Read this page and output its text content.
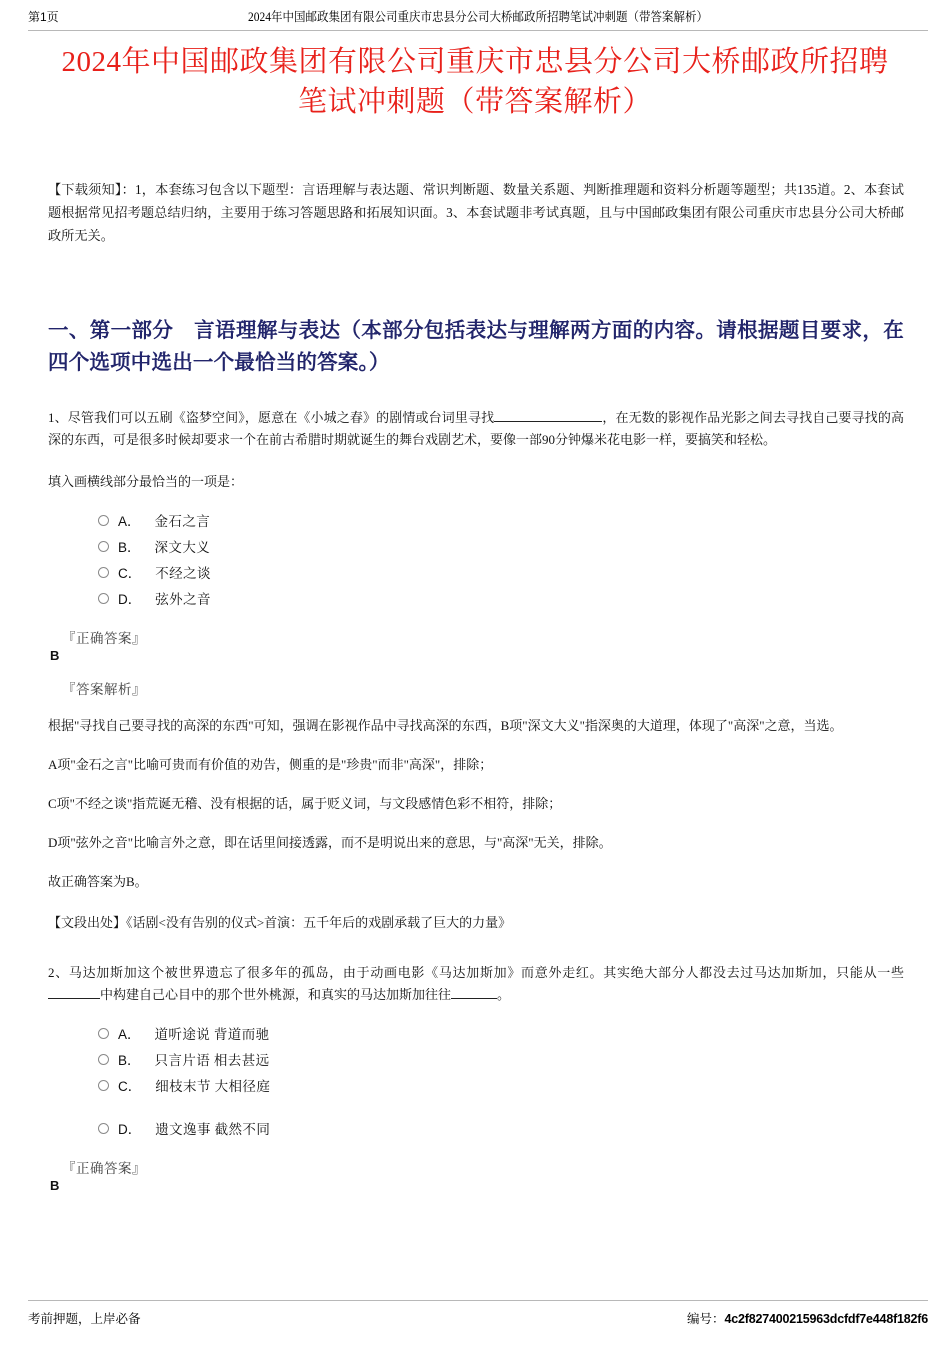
第1页	2024年中国邮政集团有限公司重庆市忠县分公司大桥邮政所招聘笔试冲刺题（带答案解析）
2024年中国邮政集团有限公司重庆市忠县分公司大桥邮政所招聘笔试冲刺题（带答案解析）

【下载须知】：1，本套练习包含以下题型：言语理解与表达题、常识判断题、数量关系题、判断推理题和资料分析题等题型；共135道。2、本套试题根据常见招考题总结归纳，主要用于练习答题思路和拓展知识面。3、本套试题非考试真题，且与中国邮政集团有限公司重庆市忠县分公司大桥邮政所无关。

一、第一部分　言语理解与表达（本部分包括表达与理解两方面的内容。请根据题目要求，在四个选项中选出一个最恰当的答案。）

1、尽管我们可以五刷《盗梦空间》，愿意在《小城之春》的剧情或台词里寻找	，在无数的影视作品光影之间去寻找自己要寻找的高深的东西，可是很多时候却要求一个在前古希腊时期就诞生的舞台戏剧艺术，要像一部90分钟爆米花电影一样，要搞笑和轻松。

填入画横线部分最恰当的一项是：

A． 金石之言
B． 深文大义
C． 不经之谈
D． 弦外之音

『正确答案』

B

『答案解析』

根据"寻找自己要寻找的高深的东西"可知，强调在影视作品中寻找高深的东西，B项"深文大义"指深奥的大道理，体现了"高深"之意，当选。

A项"金石之言"比喻可贵而有价值的劝告，侧重的是"珍贵"而非"高深"，排除；

C项"不经之谈"指荒诞无稽、没有根据的话，属于贬义词，与文段感情色彩不相符，排除；

D项"弦外之音"比喻言外之意，即在话里间接透露，而不是明说出来的意思，与"高深"无关，排除。

故正确答案为B。

【文段出处】《话剧<没有告别的仪式>首演：五千年后的戏剧承载了巨大的力量》

2、马达加斯加这个被世界遗忘了很多年的孤岛，由于动画电影《马达加斯加》而意外走红。其实绝大部分人都没去过马达加斯加，只能从一些中构建自己心目中的那个世外桃源，和真实的马达加斯加往往	。

A． 道听途说 背道而驰
B． 只言片语 相去甚远
C． 细枝末节 大相径庭
D． 遗文逸事 截然不同

『正确答案』

B

考前押题，上岸必备	编号：4c2f827400215963dcfdf7e448f182f6
